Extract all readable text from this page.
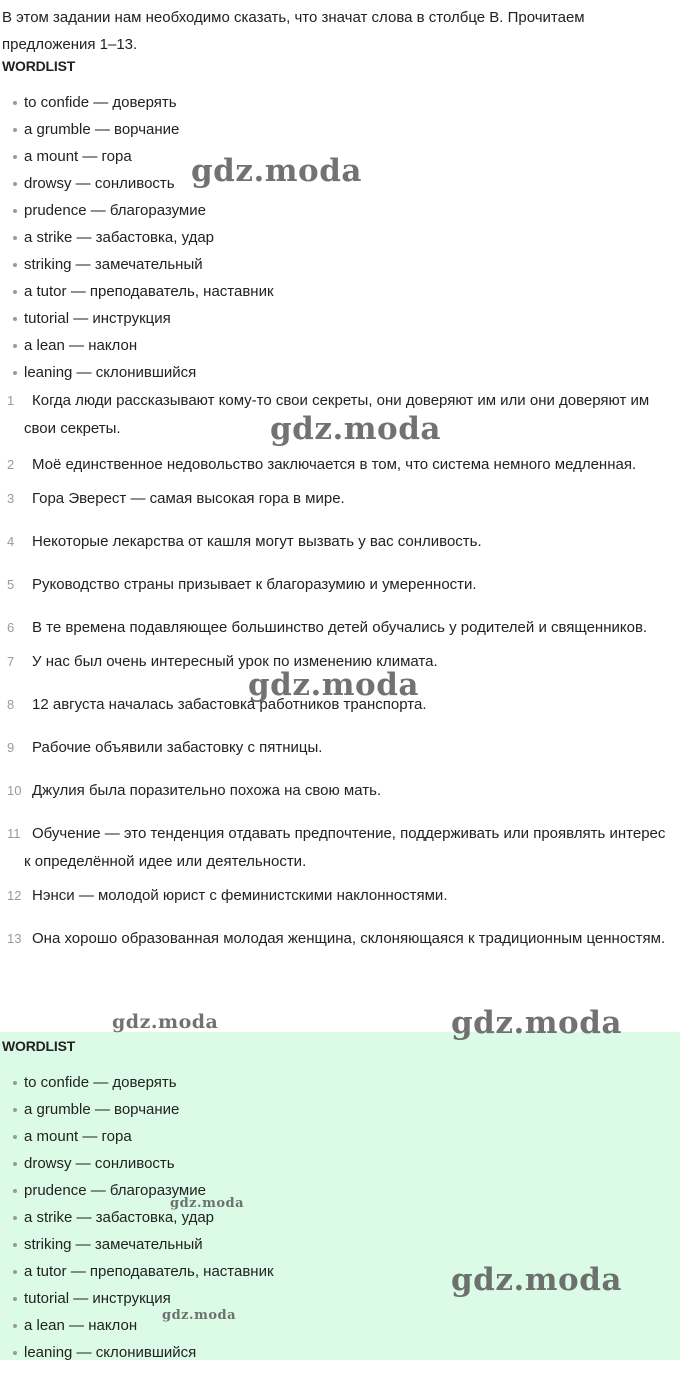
В этом задании нам необходимо сказать, что значат слова в столбце B. Прочитаем предложения 1–13.

WORDLIST
to confide — доверять
a grumble — ворчание
a mount — гора
drowsy — сонливость
prudence — благоразумие
a strike — забастовка, удар
striking — замечательный
a tutor — преподаватель, наставник
tutorial — инструкция
a lean — наклон
leaning — склонившийся
1 Когда люди рассказывают кому-то свои секреты, они доверяют им или они доверяют им свои секреты.
2 Моё единственное недовольство заключается в том, что система немного медленная.
3 Гора Эверест — самая высокая гора в мире.
4 Некоторые лекарства от кашля могут вызвать у вас сонливость.
5 Руководство страны призывает к благоразумию и умеренности.
6 В те времена подавляющее большинство детей обучались у родителей и священников.
7 У нас был очень интересный урок по изменению климата.
8 12 августа началась забастовка работников транспорта.
9 Рабочие объявили забастовку с пятницы.
10 Джулия была поразительно похожа на свою мать.
11 Обучение — это тенденция отдавать предпочтение, поддерживать или проявлять интерес к определённой идее или деятельности.
12 Нэнси — молодой юрист с феминистскими наклонностями.
13 Она хорошо образованная молодая женщина, склоняющаяся к традиционным ценностям.
WORDLIST
to confide — доверять
a grumble — ворчание
a mount — гора
drowsy — сонливость
prudence — благоразумие
a strike — забастовка, удар
striking — замечательный
a tutor — преподаватель, наставник
tutorial — инструкция
a lean — наклон
leaning — склонившийся
gdz.moda
gdz.moda
gdz.moda
gdz.moda
gdz.moda
gdz.moda
gdz.moda
gdz.moda
